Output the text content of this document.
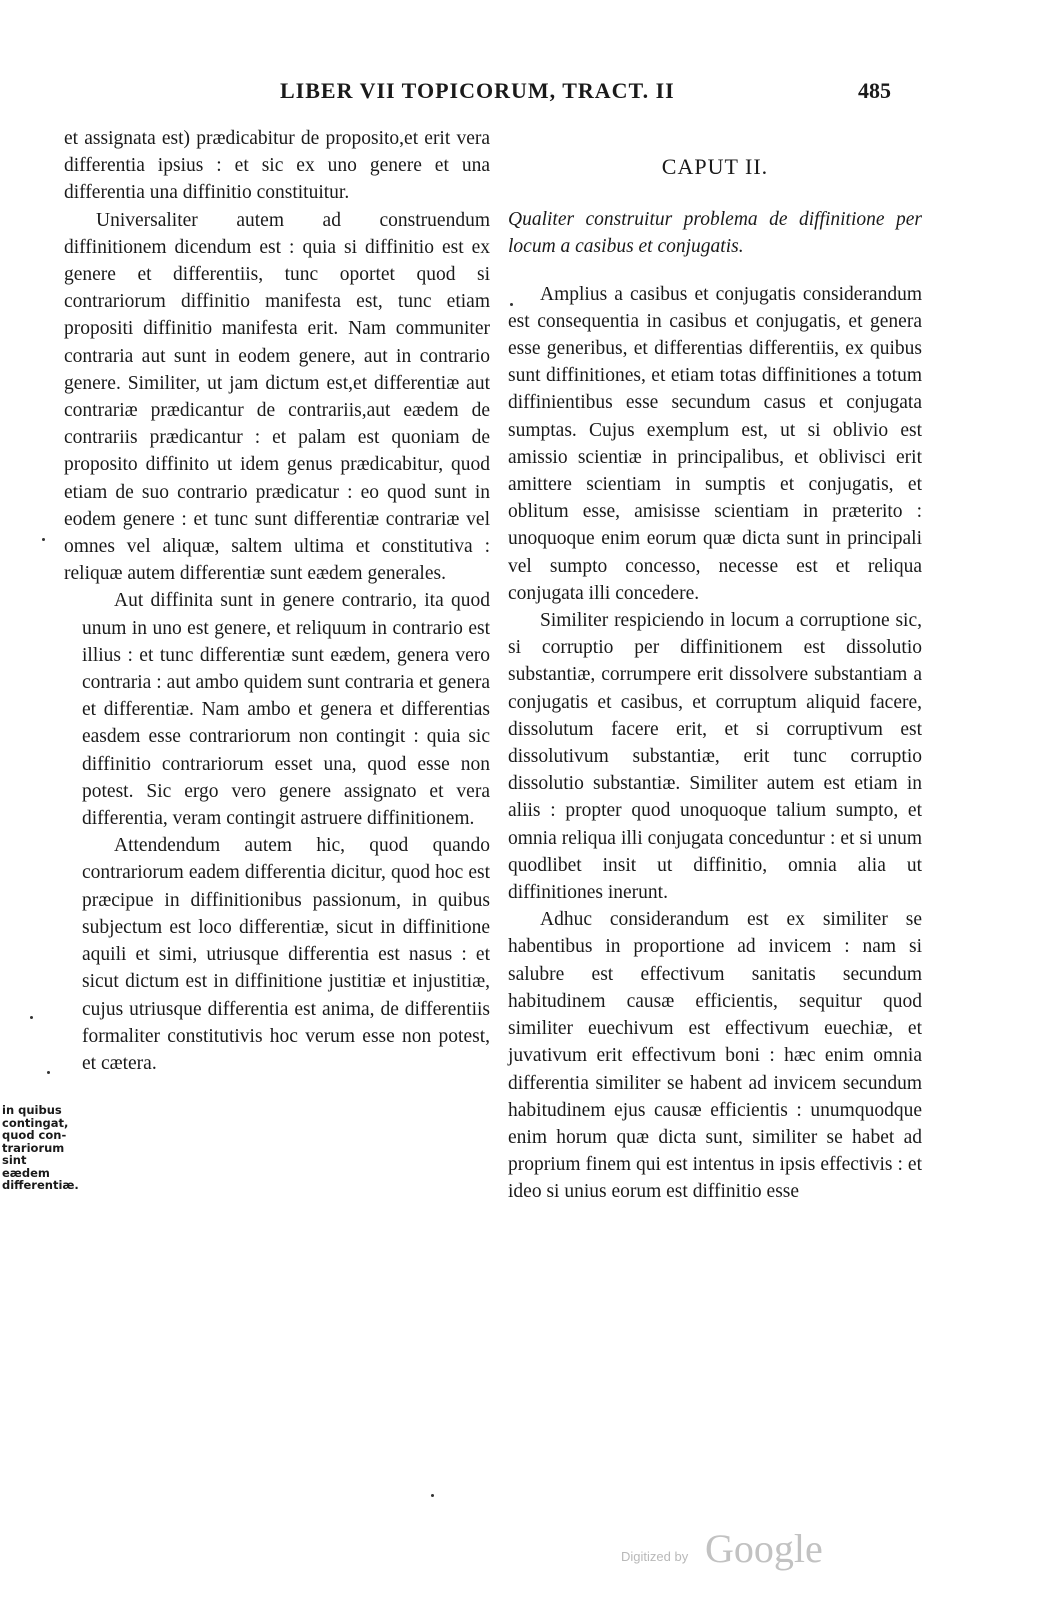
LIBER VII TOPICORUM, TRACT. II	485

et assignata est) prædicabitur de proposito,et erit vera differentia ipsius : et sic ex uno genere et una differentia una diffinitio constituitur.

Universaliter autem ad construendum diffinitionem dicendum est : quia si diffinitio est ex genere et differentiis, tunc oportet quod si contrariorum diffinitio manifesta est, tunc etiam propositi diffinitio manifesta erit. Nam communiter contraria aut sunt in eodem genere, aut in contrario genere. Similiter, ut jam dictum est,et differentiæ aut contrariæ prædicantur de contrariis,aut eædem de contrariis prædicantur : et palam est quoniam de proposito diffinito ut idem genus prædicabitur, quod etiam de suo contrario prædicatur : eo quod sunt in eodem genere : et tunc sunt differentiæ contrariæ vel omnes vel aliquæ, saltem ultima et constitutiva : reliquæ autem differentiæ sunt eædem generales.

Aut diffinita sunt in genere contrario, ita quod unum in uno est genere, et reliquum in contrario est illius : et tunc differentiæ sunt eædem, genera vero contraria : aut ambo quidem sunt contraria et genera et differentiæ. Nam ambo et genera et differentias easdem esse contrariorum non contingit : quia sic diffinitio contrariorum esset una, quod esse non potest. Sic ergo vero genere assignato et vera differentia, veram contingit astruere diffinitionem.

Attendendum autem hic, quod quando contrariorum eadem differentia dicitur, quod hoc est præcipue in diffinitionibus passionum, in quibus subjectum est loco differentiæ, sicut in diffinitione aquili et simi, utriusque differentia est nasus : et sicut dictum est in diffinitione justitiæ et injustitiæ, cujus utriusque differentia est anima, de differentiis formaliter constitutivis hoc verum esse non potest, et cætera.

in quibus
contingat,
quod con-
trariorum
sint eædem
differentiæ.
CAPUT II.
Qualiter construitur problema de diffinitione per locum a casibus et conjugatis.

Amplius a casibus et conjugatis considerandum est consequentia in casibus et conjugatis, et genera esse generibus, et differentias differentiis, ex quibus sunt diffinitiones, et etiam totas diffinitiones a totum diffinientibus esse secundum casus et conjugata sumptas. Cujus exemplum est, ut si oblivio est amissio scientiæ in principalibus, et oblivisci erit amittere scientiam in sumptis et conjugatis, et oblitum esse, amisisse scientiam in præterito : unoquoque enim eorum quæ dicta sunt in principali vel sumpto concesso, necesse est et reliqua conjugata illi concedere.

Similiter respiciendo in locum a corruptione sic, si corruptio per diffinitionem est dissolutio substantiæ, corrumpere erit dissolvere substantiam a conjugatis et casibus, et corruptum aliquid facere, dissolutum facere erit, et si corruptivum est dissolutivum substantiæ, erit tunc corruptio dissolutio substantiæ. Similiter autem est etiam in aliis : propter quod unoquoque talium sumpto, et omnia reliqua illi conjugata conceduntur : et si unum quodlibet insit ut diffinitio, omnia alia ut diffinitiones inerunt.

Adhuc considerandum est ex similiter se habentibus in proportione ad invicem : nam si salubre est effectivum sanitatis secundum habitudinem causæ efficientis, sequitur quod similiter euechivum est effectivum euechiæ, et juvativum erit effectivum boni : hæc enim omnia differentia similiter se habent ad invicem secundum habitudinem ejus causæ efficientis : unumquodque enim horum quæ dicta sunt, similiter se habet ad proprium finem qui est intentus in ipsis effectivis : et ideo si unius eorum est diffinitio esse

Digitized by Google
